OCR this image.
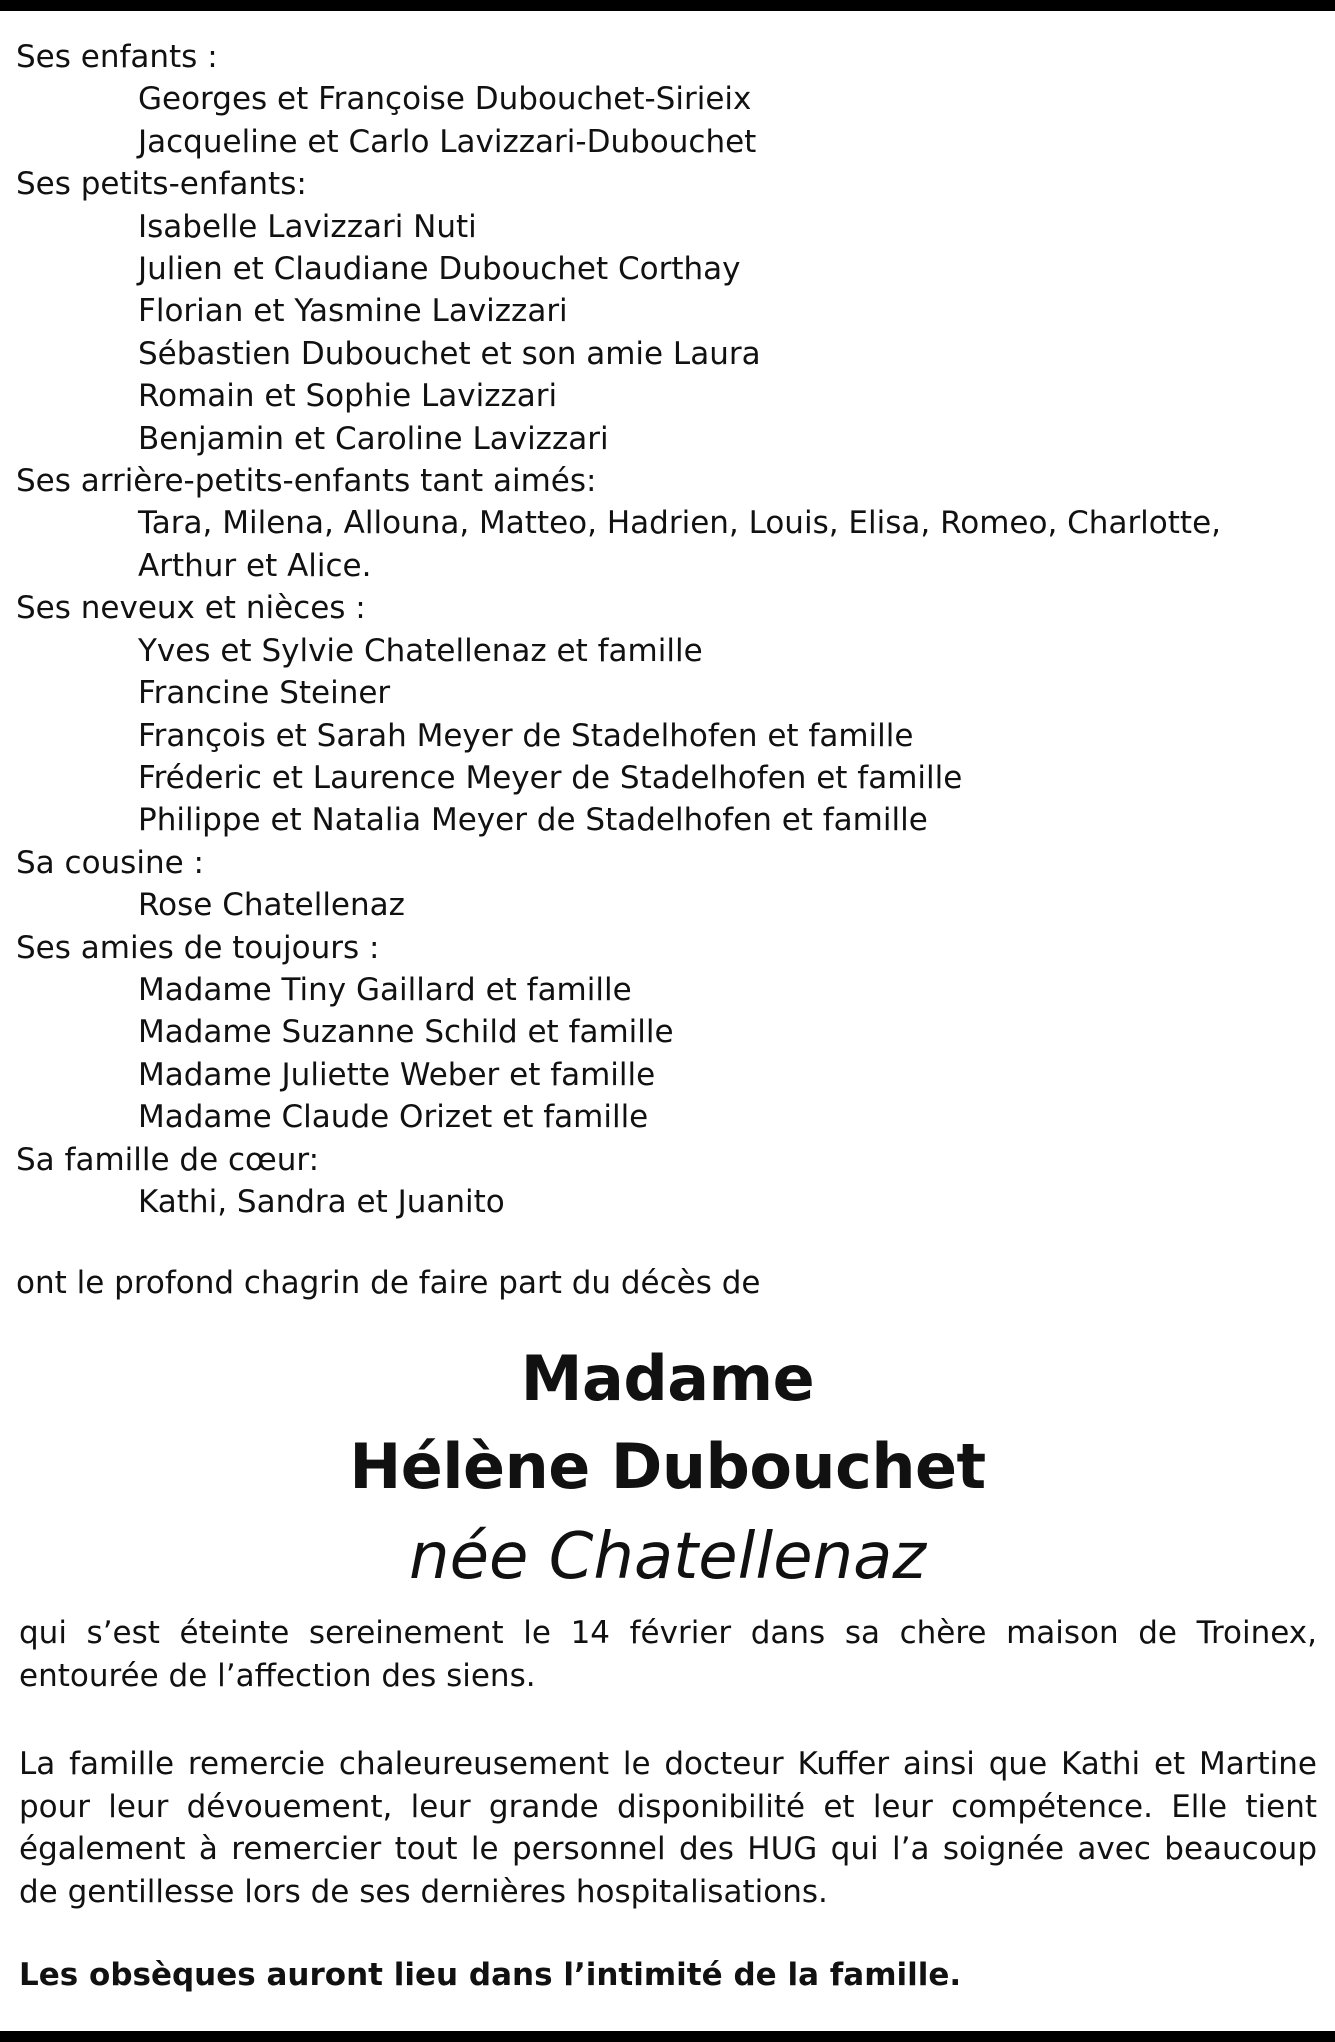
Ses enfants :

Georges et Françoise Dubouchet-Sirieix
Jacqueline et Carlo Lavizzari-Dubouchet

Ses petits-enfants:

Isabelle Lavizzari Nuti
Julien et Claudiane Dubouchet Corthay
Florian et Yasmine Lavizzari
Sébastien Dubouchet et son amie Laura
Romain et Sophie Lavizzari
Benjamin et Caroline Lavizzari

Ses arrière-petits-enfants tant aimés:

Tara, Milena, Allouna, Matteo, Hadrien, Louis, Elisa, Romeo, Charlotte, Arthur et Alice.

Ses neveux et nièces :

Yves et Sylvie Chatellenaz et famille
Francine Steiner
François et Sarah Meyer de Stadelhofen et famille
Fréderic et Laurence Meyer de Stadelhofen et famille
Philippe et Natalia Meyer de Stadelhofen et famille

Sa cousine :

Rose Chatellenaz

Ses amies de toujours :

Madame Tiny Gaillard et famille
Madame Suzanne Schild et famille
Madame Juliette Weber et famille
Madame Claude Orizet et famille

Sa famille de cœur:

Kathi, Sandra et Juanito
ont le profond chagrin de faire part du décès de
Madame
Hélène Dubouchet
née Chatellenaz

qui s’est éteinte sereinement le 14 février dans sa chère maison de Troinex, entourée de l’affection des siens.

La famille remercie chaleureusement le docteur Kuffer ainsi que Kathi et Martine pour leur dévouement, leur grande disponibilité et leur compétence. Elle tient également à remercier tout le personnel des HUG qui l’a soignée avec beaucoup de gentillesse lors de ses dernières hospitalisations.

Les obsèques auront lieu dans l’intimité de la famille.
